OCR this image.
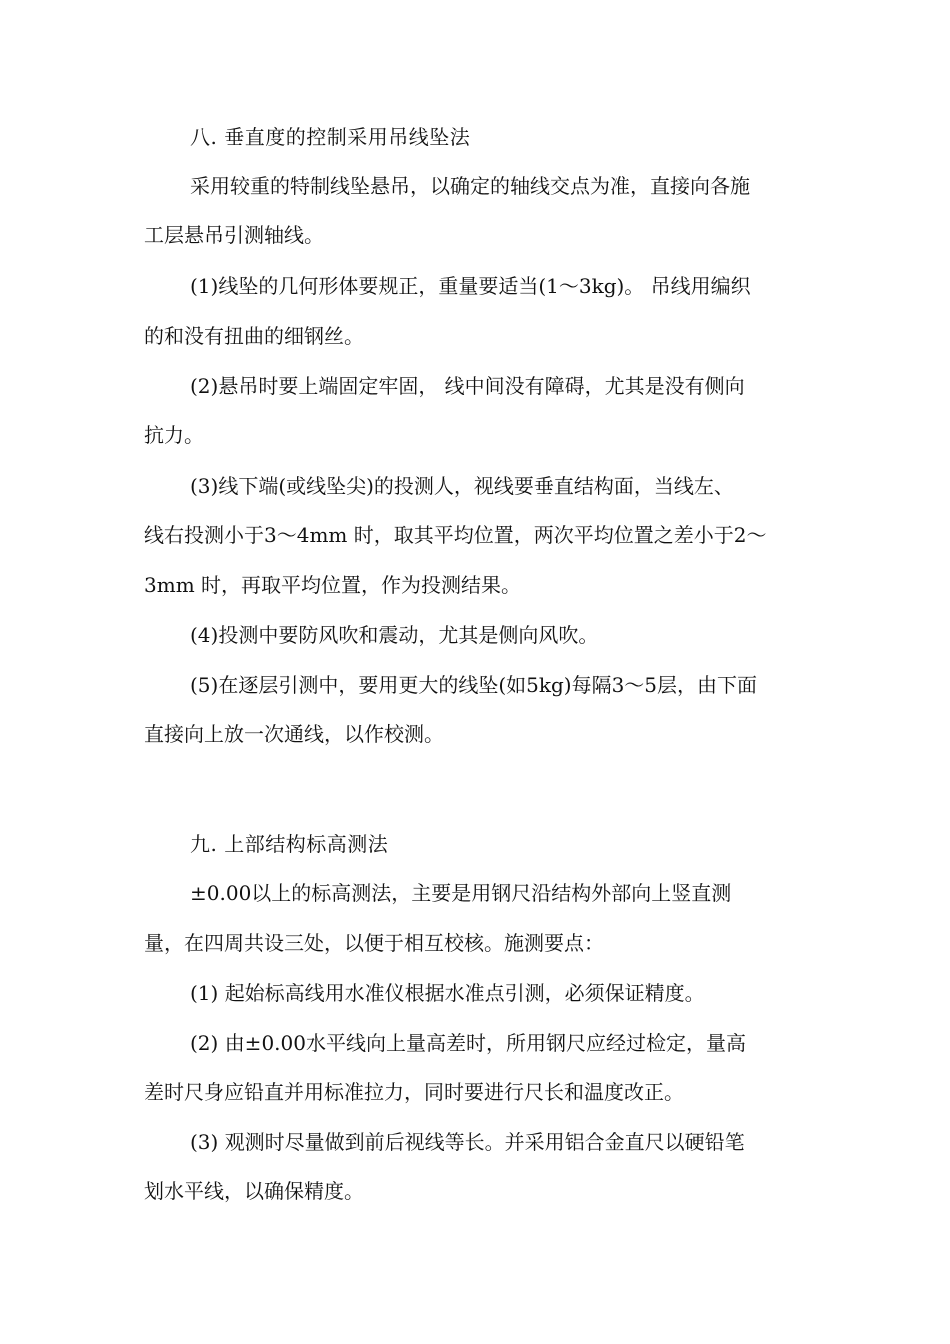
八. 垂直度的控制采用吊线坠法
采用较重的特制线坠悬吊，以确定的轴线交点为准，直接向各施
工层悬吊引测轴线。
(1)线坠的几何形体要规正，重量要适当(1～3kg)。 吊线用编织
的和没有扭曲的细钢丝。
(2)悬吊时要上端固定牢固， 线中间没有障碍，尤其是没有侧向
抗力。
(3)线下端(或线坠尖)的投测人，视线要垂直结构面，当线左、
线右投测小于3～4mm 时，取其平均位置，两次平均位置之差小于2～
3mm 时，再取平均位置，作为投测结果。
(4)投测中要防风吹和震动，尤其是侧向风吹。
(5)在逐层引测中，要用更大的线坠(如5kg)每隔3～5层，由下面
直接向上放一次通线，以作校测。
九. 上部结构标高测法
±0.00以上的标高测法，主要是用钢尺沿结构外部向上竖直测
量，在四周共设三处，以便于相互校核。施测要点：
(1) 起始标高线用水准仪根据水准点引测，必须保证精度。
(2) 由±0.00水平线向上量高差时，所用钢尺应经过检定，量高
差时尺身应铅直并用标准拉力，同时要进行尺长和温度改正。
(3) 观测时尽量做到前后视线等长。并采用铝合金直尺以硬铅笔
划水平线，以确保精度。
